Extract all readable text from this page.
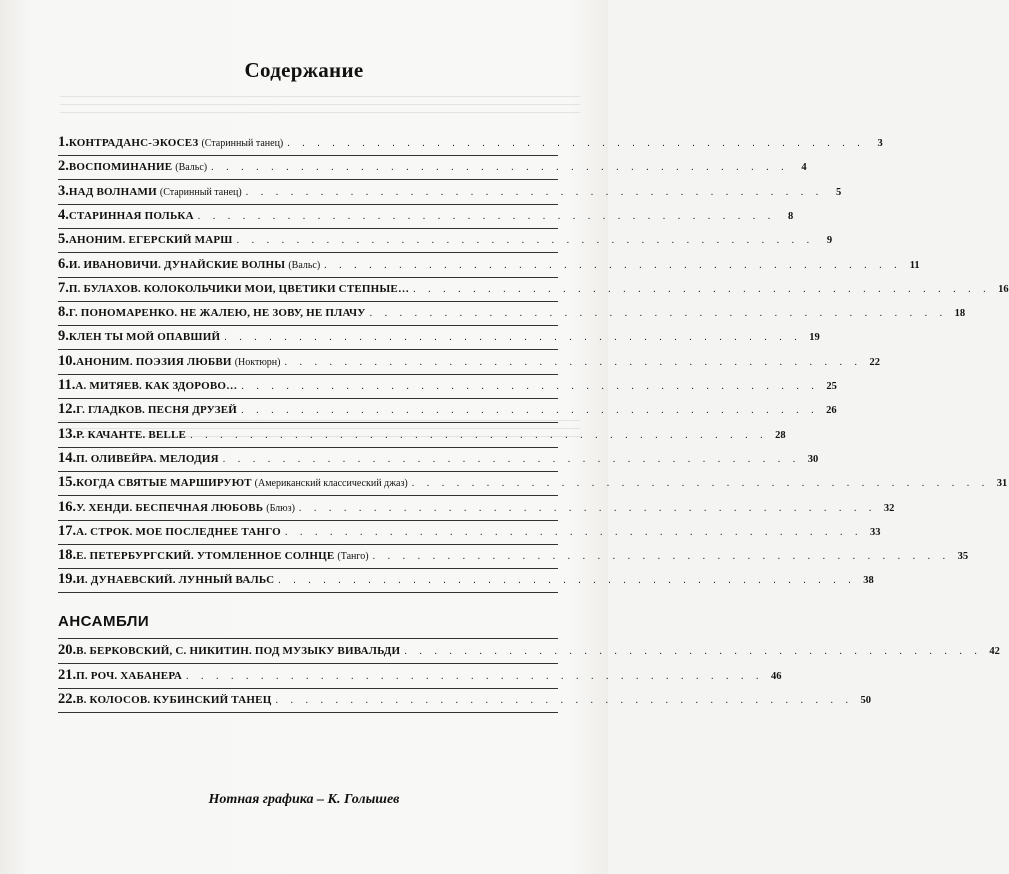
Содержание
1. КОНТРАДАНС-ЭКОСЕЗ (Старинный танец) . . . . . . . . . . . . . . . . . . . . . . . . . . . . . . . . . . . . . . .	3
2. ВОСПОМИНАНИЕ (Вальс) . . . . . . . . . . . . . . . . . . . . . . . . . . . . . . . . . . . . . . .	4
3. НАД ВОЛНАМИ (Старинный танец) . . . . . . . . . . . . . . . . . . . . . . . . . . . . . . . . . . . . . . .	5
4. СТАРИННАЯ ПОЛЬКА . . . . . . . . . . . . . . . . . . . . . . . . . . . . . . . . . . . . . . .	8
5. АНОНИМ. ЕГЕРСКИЙ МАРШ . . . . . . . . . . . . . . . . . . . . . . . . . . . . . . . . . . . . . . .	9
6. И. ИВАНОВИЧИ. ДУНАЙСКИЕ ВОЛНЫ (Вальс) . . . . . . . . . . . . . . . . . . . . . . . . . . . . . . . . . . . . . . . 11
7. П. БУЛАХОВ. КОЛОКОЛЬЧИКИ МОИ, ЦВЕТИКИ СТЕПНЫЕ… . . . . . . . . . . . . . . . . . . . . . . . . . . . . . . . . . . . . . . . 16
8. Г. ПОНОМАРЕНКО. НЕ ЖАЛЕЮ, НЕ ЗОВУ, НЕ ПЛАЧУ . . . . . . . . . . . . . . . . . . . . . . . . . . . . . . . . . . . . . . . 18
9. КЛЕН ТЫ МОЙ ОПАВШИЙ . . . . . . . . . . . . . . . . . . . . . . . . . . . . . . . . . . . . . . . 19
10. АНОНИМ. ПОЭЗИЯ ЛЮБВИ (Ноктюрн) . . . . . . . . . . . . . . . . . . . . . . . . . . . . . . . . . . . . . . . 22
11. А. МИТЯЕВ. КАК ЗДОРОВО… . . . . . . . . . . . . . . . . . . . . . . . . . . . . . . . . . . . . . . . 25
12. Г. ГЛАДКОВ. ПЕСНЯ ДРУЗЕЙ . . . . . . . . . . . . . . . . . . . . . . . . . . . . . . . . . . . . . . . 26
13. Р. КАЧАНТЕ. BELLE . . . . . . . . . . . . . . . . . . . . . . . . . . . . . . . . . . . . . . . 28
14. П. ОЛИВЕЙРА. МЕЛОДИЯ . . . . . . . . . . . . . . . . . . . . . . . . . . . . . . . . . . . . . . . 30
15. КОГДА СВЯТЫЕ МАРШИРУЮТ (Американский классический джаз) . . . . . . . . . . . . . . . . . . . . . . . . . . . . . . . . . . . . . . . 31
16. У. ХЕНДИ. БЕСПЕЧНАЯ ЛЮБОВЬ (Блюз) . . . . . . . . . . . . . . . . . . . . . . . . . . . . . . . . . . . . . . . 32
17. А. СТРОК. МОЕ ПОСЛЕДНЕЕ ТАНГО . . . . . . . . . . . . . . . . . . . . . . . . . . . . . . . . . . . . . . . 33
18. Е. ПЕТЕРБУРГСКИЙ. УТОМЛЕННОЕ СОЛНЦЕ (Танго) . . . . . . . . . . . . . . . . . . . . . . . . . . . . . . . . . . . . . . . 35
19. И. ДУНАЕВСКИЙ. ЛУННЫЙ ВАЛЬС . . . . . . . . . . . . . . . . . . . . . . . . . . . . . . . . . . . . . . . 38
АНСАМБЛИ
20. В. БЕРКОВСКИЙ, С. НИКИТИН. ПОД МУЗЫКУ ВИВАЛЬДИ . . . . . . . . . . . . . . . . . . . . . . . . . . . . . . . . . . . . . . . 42
21. П. РОЧ. ХАБАНЕРА . . . . . . . . . . . . . . . . . . . . . . . . . . . . . . . . . . . . . . . 46
22. В. КОЛОСОВ. КУБИНСКИЙ ТАНЕЦ . . . . . . . . . . . . . . . . . . . . . . . . . . . . . . . . . . . . . . . 50
Нотная графика – К. Голышев
